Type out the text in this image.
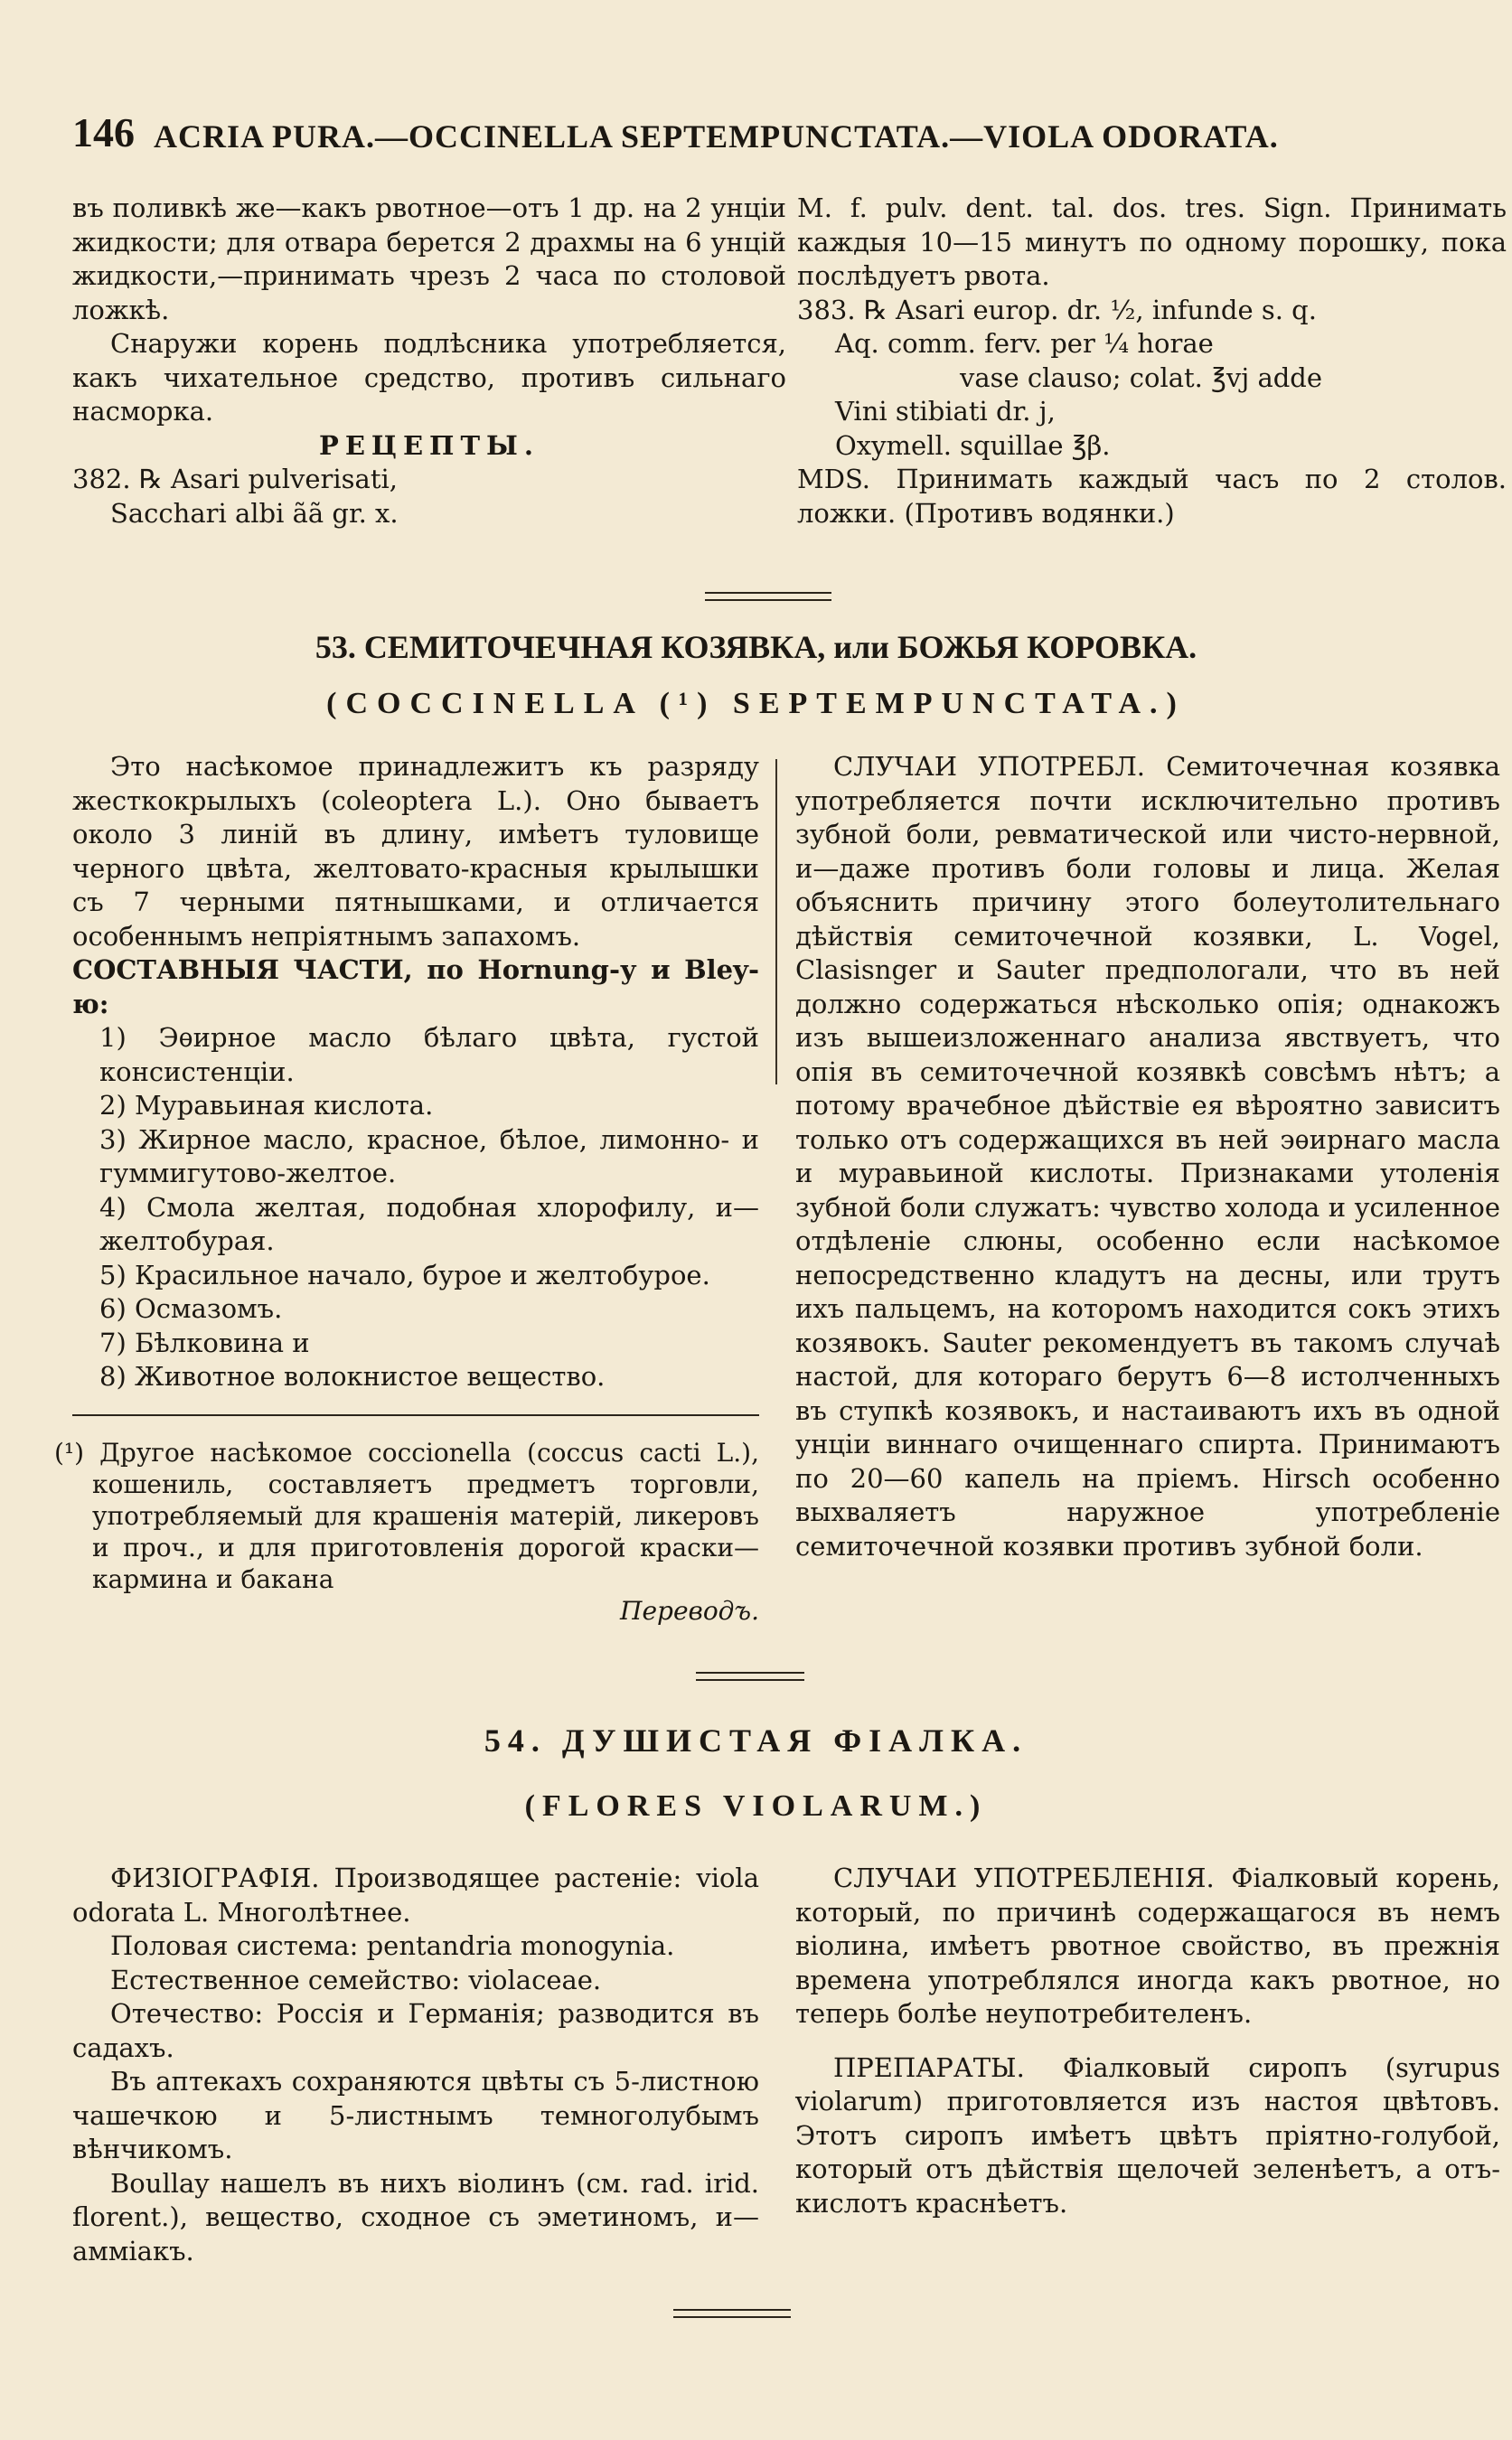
146 ACRIA PURA.—OCCINELLA SEPTEMPUNCTATA.—VIOLA ODORATA.

въ поливкѣ же—какъ рвотное—отъ 1 др. на 2 унціи жидкости; для отвара берется 2 драхмы на 6 унцій жидкости,—принимать чрезъ 2 часа по столовой ложкѣ.

Снаружи корень подлѣсника употребляется, какъ чихательное средство, противъ сильнаго насморка.

РЕЦЕПТЫ.

382. ℞ Asari pulverisati,

Sacchari albi ãã gr. x.

M. f. pulv. dent. tal. dos. tres. Sign. Принимать каждыя 10—15 минутъ по одному порошку, пока послѣдуетъ рвота.

383. ℞ Asari europ. dr. ½, infunde s. q.

Aq. comm. ferv. per ¼ horae

vase clauso; colat. ℥vj adde

Vini stibiati dr. j,

Oxymell. squillae ℥β.

MDS. Принимать каждый часъ по 2 столов. ложки. (Противъ водянки.)

53. СЕМИТОЧЕЧНАЯ КОЗЯВКА, или БОЖЬЯ КОРОВКА.
(COCCINELLA (¹) SEPTEMPUNCTATA.)

Это насѣкомое принадлежитъ къ разряду жесткокрылыхъ (coleoptera L.). Оно бываетъ около 3 линій въ длину, имѣетъ туловище черного цвѣта, желтовато-красныя крылышки съ 7 черными пятнышками, и отличается особеннымъ непріятнымъ запахомъ.

СОСТАВНЫЯ ЧАСТИ, по Hornung-у и Bley-ю:

1) Эѳирное масло бѣлаго цвѣта, густой консистенціи.

2) Муравьиная кислота.

3) Жирное масло, красное, бѣлое, лимонно- и гуммигутово-желтое.

4) Смола желтая, подобная хлорофилу, и—желтобурая.

5) Красильное начало, бурое и желтобурое.

6) Осмазомъ.

7) Бѣлковина и

8) Животное волокнистое вещество.

(¹) Другое насѣкомое coccionella (coccus cacti L.), кошениль, составляетъ предметъ торговли, употребляемый для крашенія матерій, ликеровъ и проч., и для приготовленія дорогой краски—кармина и бакана

Переводъ.

СЛУЧАИ УПОТРЕБЛ. Семиточечная козявка употребляется почти исключительно противъ зубной боли, ревматической или чисто-нервной, и—даже противъ боли головы и лица. Желая объяснить причину этого болеутолительнаго дѣйствія семиточечной козявки, L. Vogel, Clasisnger и Sauter предпологали, что въ ней должно содержаться нѣсколько опія; однакожъ изъ вышеизложеннаго анализа явствуетъ, что опія въ семиточечной козявкѣ совсѣмъ нѣтъ; а потому врачебное дѣйствіе ея вѣроятно зависитъ только отъ содержащихся въ ней эѳирнаго масла и муравьиной кислоты. Признаками утоленія зубной боли служатъ: чувство холода и усиленное отдѣленіе слюны, особенно если насѣкомое непосредственно кладутъ на десны, или трутъ ихъ пальцемъ, на которомъ находится сокъ этихъ козявокъ. Sauter рекомендуетъ въ такомъ случаѣ настой, для котораго берутъ 6—8 истолченныхъ въ ступкѣ козявокъ, и настаиваютъ ихъ въ одной унціи виннаго очищеннаго спирта. Принимаютъ по 20—60 капель на пріемъ. Hirsch особенно выхваляетъ наружное употребленіе семиточечной козявки противъ зубной боли.

54. ДУШИСТАЯ ФІАЛКА.
(FLORES VIOLARUM.)

ФИЗІОГРАФІЯ. Производящее растеніе: viola odorata L. Многолѣтнее.

Половая система: pentandria monogynia.

Естественное семейство: violaceae.

Отечество: Россія и Германія; разводится въ садахъ.

Въ аптекахъ сохраняются цвѣты съ 5-листною чашечкою и 5-листнымъ темноголубымъ вѣнчикомъ.

Boullay нашелъ въ нихъ віолинъ (см. rad. irid. florent.), вещество, сходное съ эметиномъ, и—аммiакъ.

СЛУЧАИ УПОТРЕБЛЕНІЯ. Фіалковый корень, который, по причинѣ содержащагося въ немъ віолина, имѣетъ рвотное свойство, въ прежнія времена употреблялся иногда какъ рвотное, но теперь болѣе неупотребителенъ.

ПРЕПАРАТЫ. Фіалковый сиропъ (syrupus violarum) приготовляется изъ настоя цвѣтовъ. Этотъ сиропъ имѣетъ цвѣтъ пріятно-голубой, который отъ дѣйствія щелочей зеленѣетъ, а отъ-кислотъ краснѣетъ.
